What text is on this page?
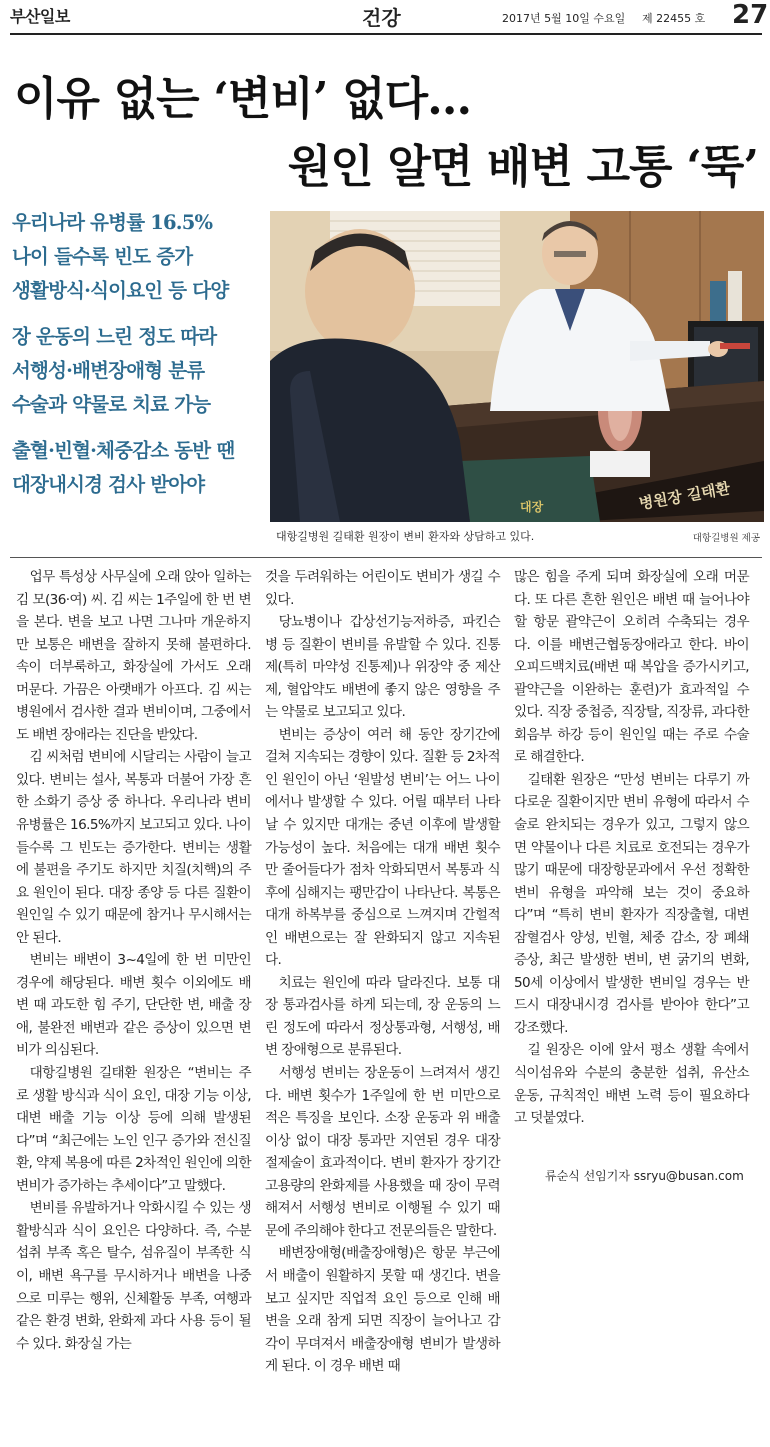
부산일보	건강	2017년 5월 10일 수요일 제 22455 호 27
이유 없는 ‘변비’ 없다…
원인 알면 배변 고통 ‘뚝’
우리나라 유병률 16.5%
나이 들수록 빈도 증가
생활방식·식이요인 등 다양
장 운동의 느린 정도 따라
서행성·배변장애형 분류
수술과 약물로 치료 가능
출혈·빈혈·체중감소 동반 땐
대장내시경 검사 받아야	병원장 길태환
대장
대항길병원 길태환 원장이 변비 환자와 상담하고 있다.	대항길병원 제공

업무 특성상 사무실에 오래 앉아 일하는 김 모(36·여) 씨. 김 씨는 1주일에 한 번 변을 본다. 변을 보고 나면 그나마 개운하지만 보통은 배변을 잘하지 못해 불편하다. 속이 더부룩하고, 화장실에 가서도 오래 머문다. 가끔은 아랫배가 아프다. 김 씨는 병원에서 검사한 결과 변비이며, 그중에서도 배변 장애라는 진단을 받았다.

김 씨처럼 변비에 시달리는 사람이 늘고 있다. 변비는 설사, 복통과 더불어 가장 흔한 소화기 증상 중 하나다. 우리나라 변비 유병률은 16.5%까지 보고되고 있다. 나이 들수록 그 빈도는 증가한다. 변비는 생활에 불편을 주기도 하지만 치질(치핵)의 주요 원인이 된다. 대장 종양 등 다른 질환이 원인일 수 있기 때문에 참거나 무시해서는 안 된다.

변비는 배변이 3~4일에 한 번 미만인 경우에 해당된다. 배변 횟수 이외에도 배변 때 과도한 힘 주기, 단단한 변, 배출 장애, 불완전 배변과 같은 증상이 있으면 변비가 의심된다.

대항길병원 길태환 원장은 “변비는 주로 생활 방식과 식이 요인, 대장 기능 이상, 대변 배출 기능 이상 등에 의해 발생된다”며 “최근에는 노인 인구 증가와 전신질환, 약제 복용에 따른 2차적인 원인에 의한 변비가 증가하는 추세이다”고 말했다.

변비를 유발하거나 악화시킬 수 있는 생활방식과 식이 요인은 다양하다. 즉, 수분 섭취 부족 혹은 탈수, 섬유질이 부족한 식이, 배변 욕구를 무시하거나 배변을 나중으로 미루는 행위, 신체활동 부족, 여행과 같은 환경 변화, 완화제 과다 사용 등이 될 수 있다. 화장실 가는

것을 두려워하는 어린이도 변비가 생길 수 있다.

당뇨병이나 갑상선기능저하증, 파킨슨병 등 질환이 변비를 유발할 수 있다. 진통제(특히 마약성 진통제)나 위장약 중 제산제, 혈압약도 배변에 좋지 않은 영향을 주는 약물로 보고되고 있다.

변비는 증상이 여러 해 동안 장기간에 걸쳐 지속되는 경향이 있다. 질환 등 2차적인 원인이 아닌 ‘원발성 변비’는 어느 나이에서나 발생할 수 있다. 어릴 때부터 나타날 수 있지만 대개는 중년 이후에 발생할 가능성이 높다. 처음에는 대개 배변 횟수만 줄어들다가 점차 악화되면서 복통과 식후에 심해지는 팽만감이 나타난다. 복통은 대개 하복부를 중심으로 느껴지며 간헐적인 배변으로는 잘 완화되지 않고 지속된다.

치료는 원인에 따라 달라진다. 보통 대장 통과검사를 하게 되는데, 장 운동의 느린 정도에 따라서 정상통과형, 서행성, 배변 장애형으로 분류된다.

서행성 변비는 장운동이 느려져서 생긴다. 배변 횟수가 1주일에 한 번 미만으로 적은 특징을 보인다. 소장 운동과 위 배출 이상 없이 대장 통과만 지연된 경우 대장절제술이 효과적이다. 변비 환자가 장기간 고용량의 완화제를 사용했을 때 장이 무력해져서 서행성 변비로 이행될 수 있기 때문에 주의해야 한다고 전문의들은 말한다.

배변장애형(배출장애형)은 항문 부근에서 배출이 원활하지 못할 때 생긴다. 변을 보고 싶지만 직업적 요인 등으로 인해 배변을 오래 참게 되면 직장이 늘어나고 감각이 무뎌져서 배출장애형 변비가 발생하게 된다. 이 경우 배변 때

많은 힘을 주게 되며 화장실에 오래 머문다. 또 다른 흔한 원인은 배변 때 늘어나야 할 항문 괄약근이 오히려 수축되는 경우다. 이를 배변근협동장애라고 한다. 바이오피드백치료(배변 때 복압을 증가시키고, 괄약근을 이완하는 훈련)가 효과적일 수 있다. 직장 중첩증, 직장탈, 직장류, 과다한 회음부 하강 등이 원인일 때는 주로 수술로 해결한다.

길태환 원장은 “만성 변비는 다루기 까다로운 질환이지만 변비 유형에 따라서 수술로 완치되는 경우가 있고, 그렇지 않으면 약물이나 다른 치료로 호전되는 경우가 많기 때문에 대장항문과에서 우선 정확한 변비 유형을 파악해 보는 것이 중요하다”며 “특히 변비 환자가 직장출혈, 대변잠혈검사 양성, 빈혈, 체중 감소, 장 폐쇄 증상, 최근 발생한 변비, 변 굵기의 변화, 50세 이상에서 발생한 변비일 경우는 반드시 대장내시경 검사를 받아야 한다”고 강조했다.

길 원장은 이에 앞서 평소 생활 속에서 식이섬유와 수분의 충분한 섭취, 유산소 운동, 규칙적인 배변 노력 등이 필요하다고 덧붙였다.

류순식 선임기자 ssryu@busan.com
